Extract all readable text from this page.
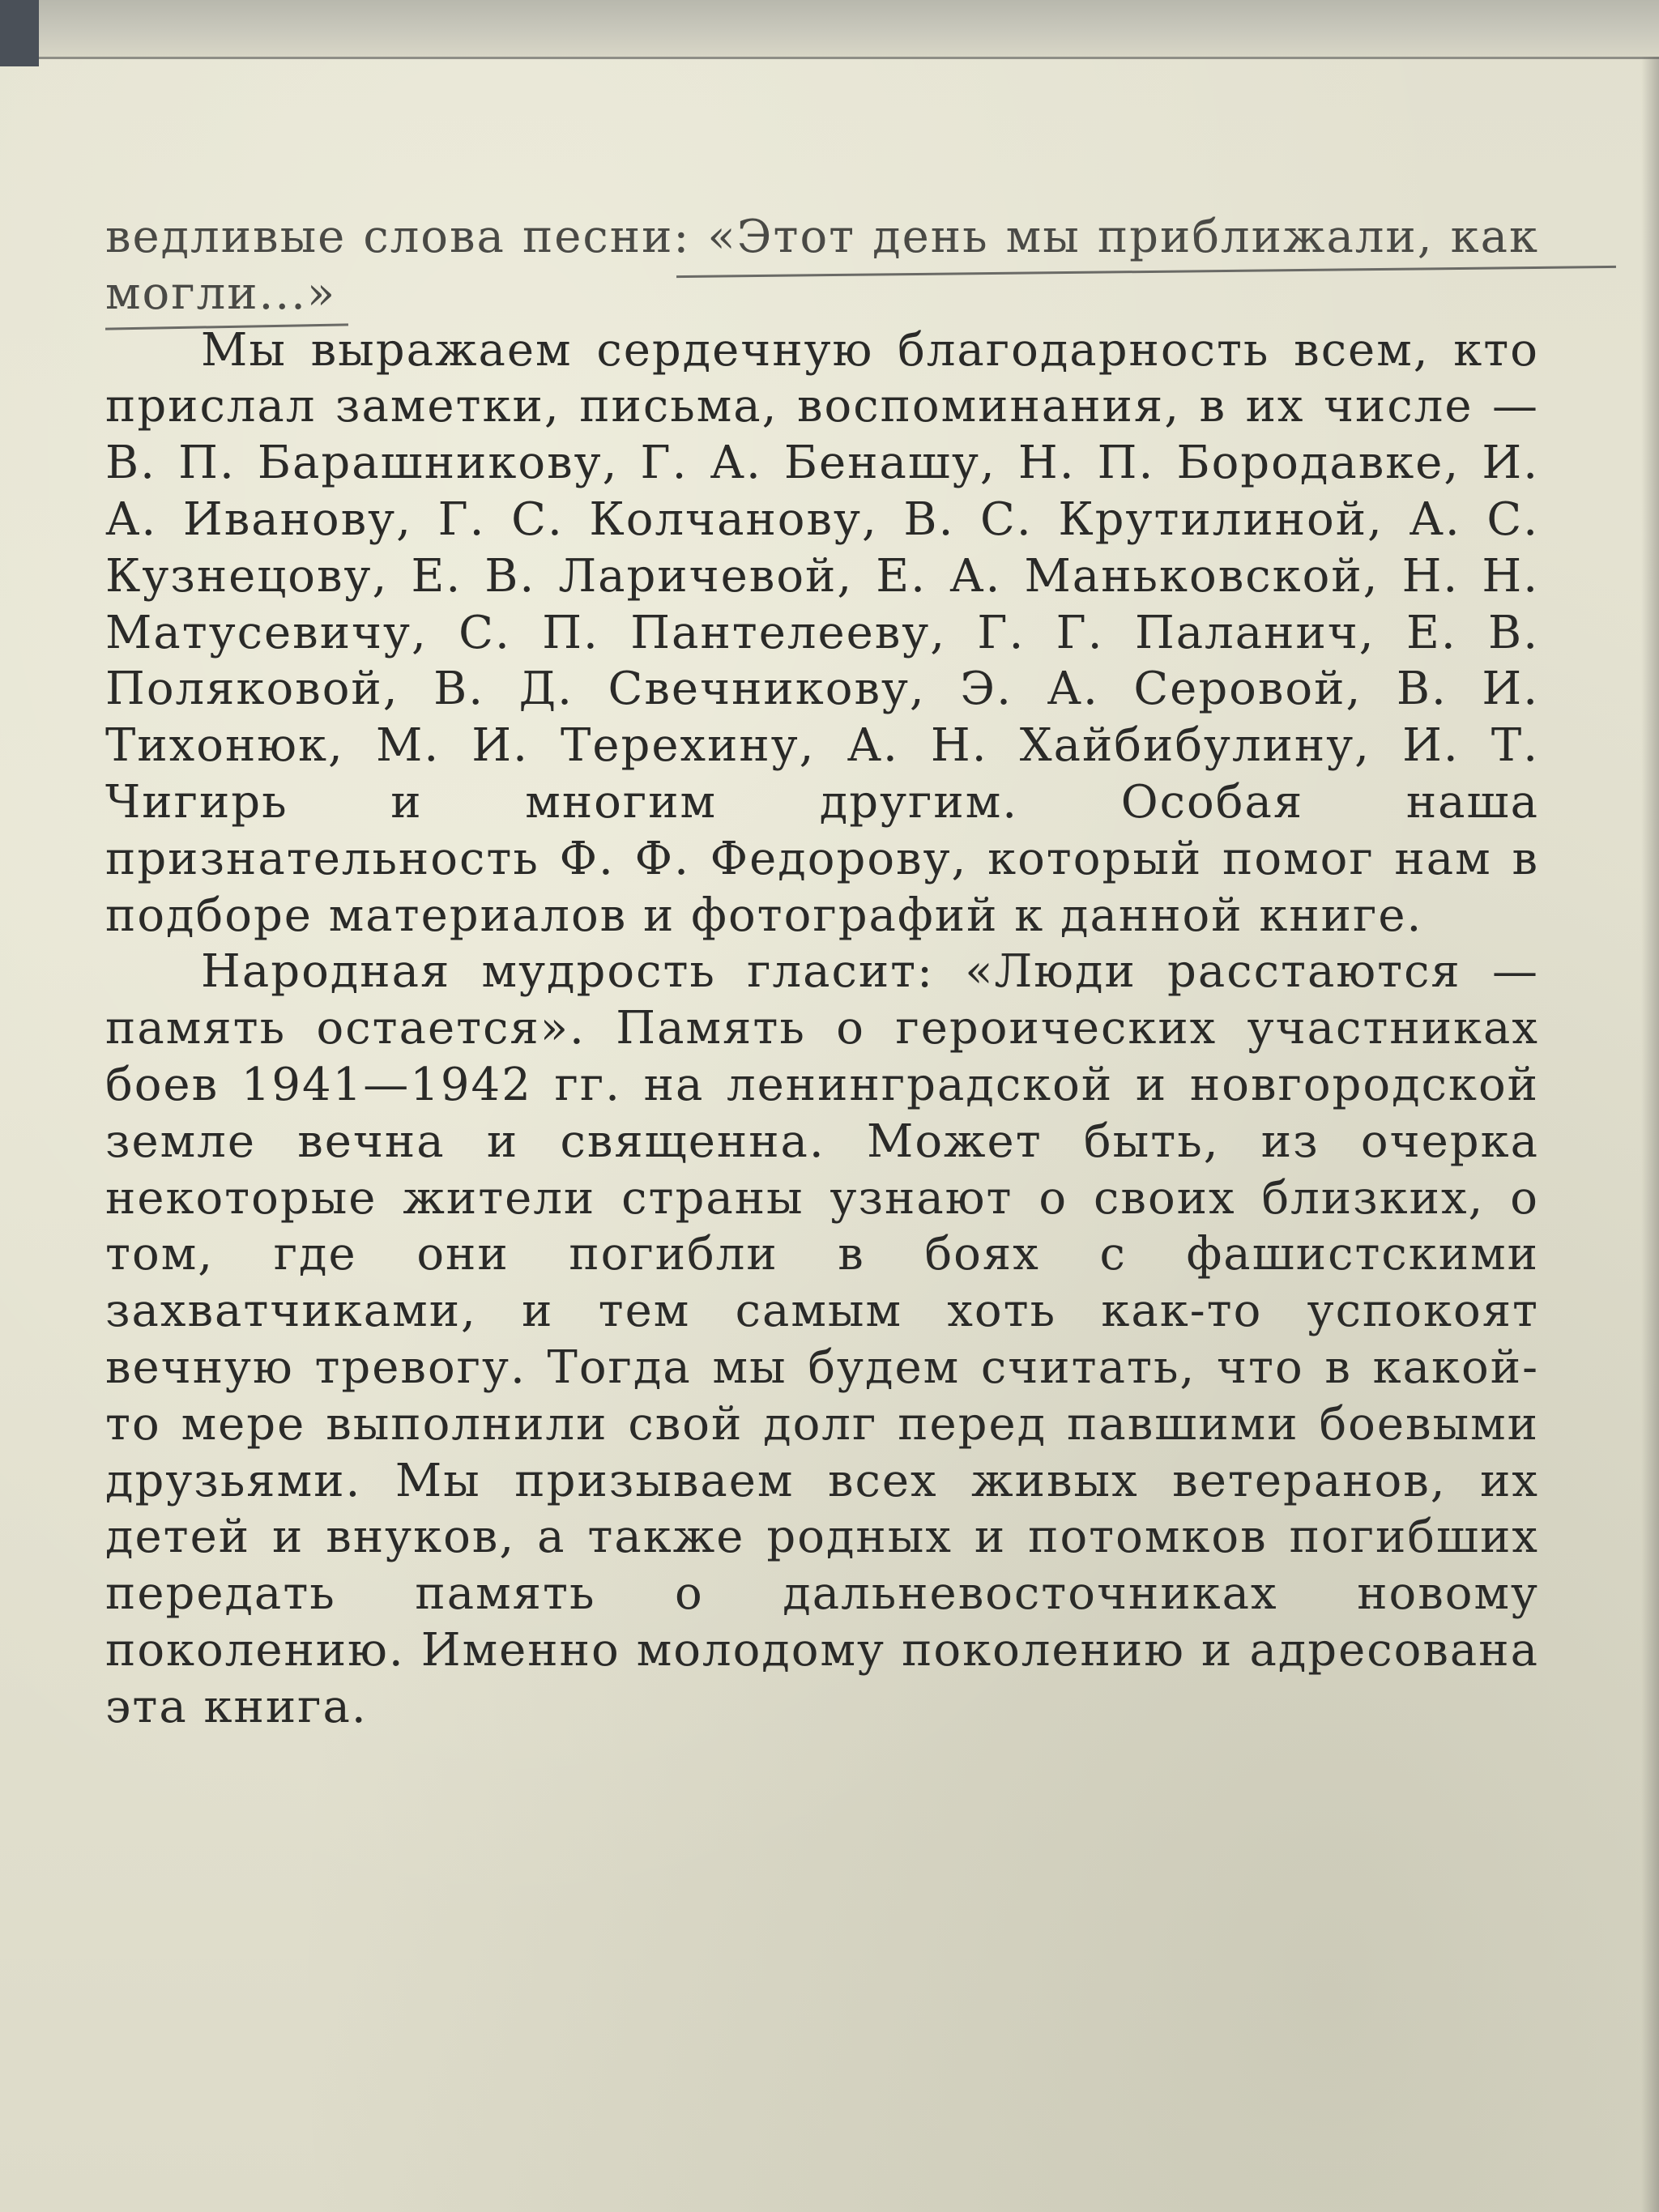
ведливые слова песни: «Этот день мы приближали, как могли...»

Мы выражаем сердечную благодарность всем, кто прислал заметки, письма, воспоминания, в их числе — В. П. Барашникову, Г. А. Бенашу, Н. П. Бородавке, И. А. Иванову, Г. С. Колчанову, В. С. Крутилиной, А. С. Кузнецову, Е. В. Ларичевой, Е. А. Маньковской, Н. Н. Матусевичу, С. П. Пантелееву, Г. Г. Паланич, Е. В. Поляковой, В. Д. Свечникову, Э. А. Серовой, В. И. Тихонюк, М. И. Терехину, А. Н. Хайбибулину, И. Т. Чигирь и многим другим. Особая наша признательность Ф. Ф. Федорову, который помог нам в подборе материалов и фотографий к данной книге.

Народная мудрость гласит: «Люди расстаются — память остается». Память о героических участниках боев 1941—1942 гг. на ленинградской и новгородской земле вечна и священна. Может быть, из очерка некоторые жители страны узнают о своих близких, о том, где они погибли в боях с фашистскими захватчиками, и тем самым хоть как-то успокоят вечную тревогу. Тогда мы будем считать, что в какой-то мере выполнили свой долг перед павшими боевыми друзьями. Мы призываем всех живых ветеранов, их детей и внуков, а также родных и потомков погибших передать память о дальневосточниках новому поколению. Именно молодому поколению и адресована эта книга.
